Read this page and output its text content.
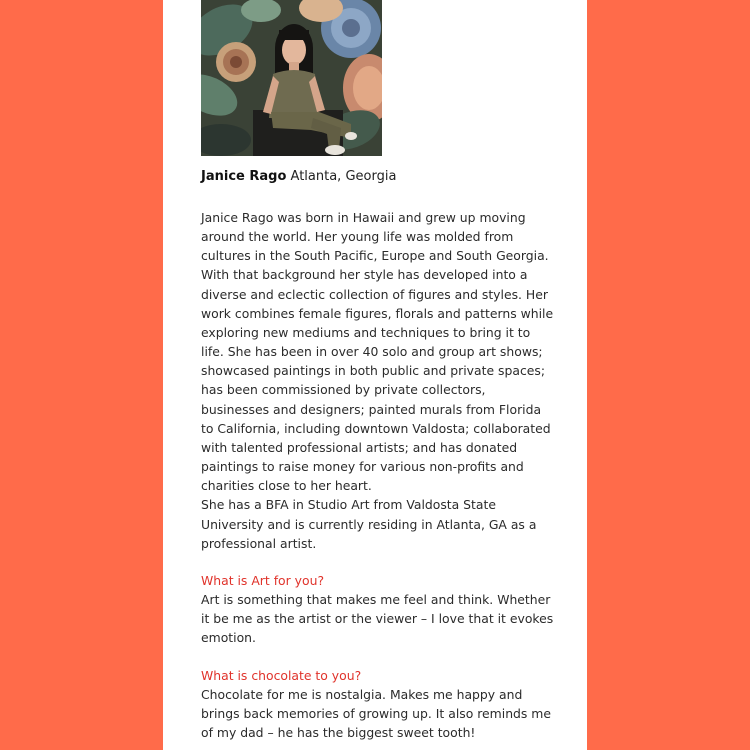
Janice Rago Atlanta, Georgia

Janice Rago was born in Hawaii and grew up moving around the world. Her young life was molded from cultures in the South Pacific, Europe and South Georgia. With that background her style has developed into a diverse and eclectic collection of figures and styles. Her work combines female figures, florals and patterns while exploring new mediums and techniques to bring it to life. She has been in over 40 solo and group art shows; showcased paintings in both public and private spaces; has been commissioned by private collectors, businesses and designers; painted murals from Florida to California, including downtown Valdosta; collaborated with talented professional artists; and has donated paintings to raise money for various non-profits and charities close to her heart.

She has a BFA in Studio Art from Valdosta State University and is currently residing in Atlanta, GA as a professional artist.

What is Art for you?

Art is something that makes me feel and think. Whether it be me as the artist or the viewer – I love that it evokes emotion.

What is chocolate to you?

Chocolate for me is nostalgia. Makes me happy and brings back memories of growing up. It also reminds me of my dad – he has the biggest sweet tooth!
